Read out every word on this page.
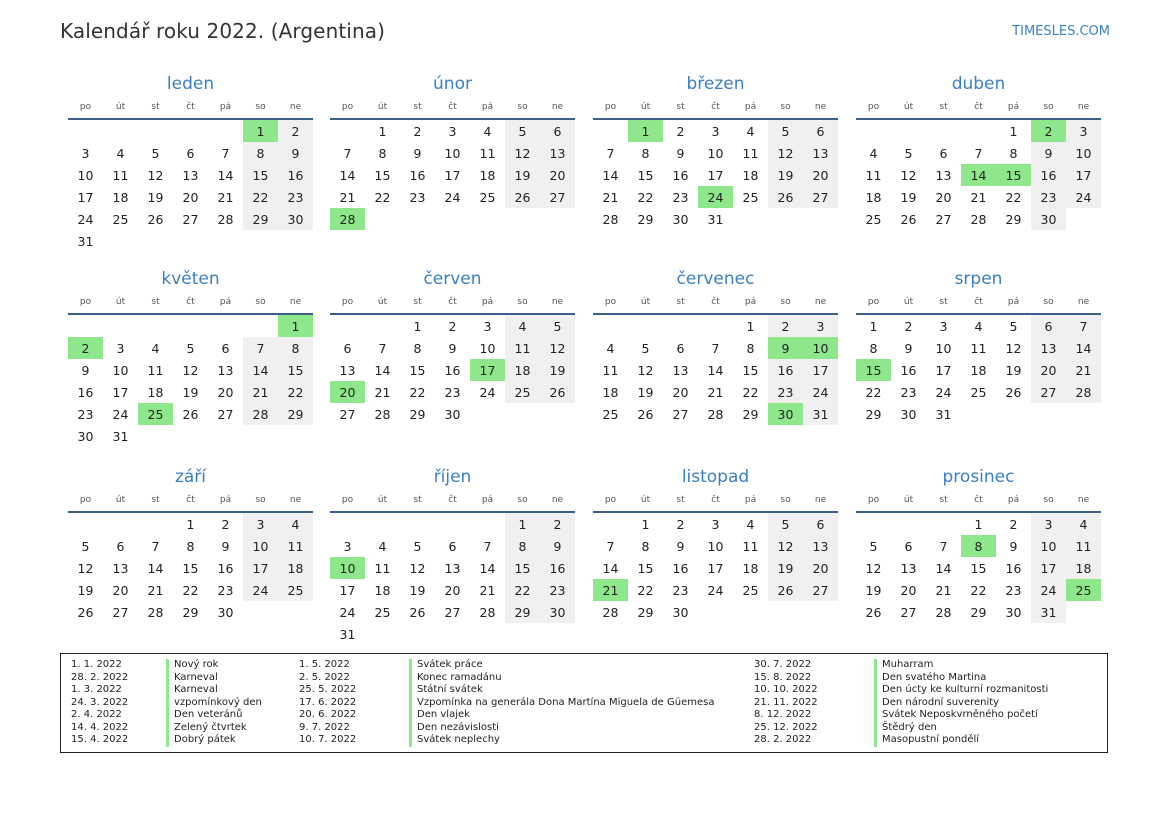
Kalendář roku 2022. (Argentina)	TIMESLES.COM
leden
po	út	st	čt	pá	so	ne
					1	2
3	4	5	6	7	8	9
10	11	12	13	14	15	16
17	18	19	20	21	22	23
24	25	26	27	28	29	30
31						
únor
po	út	st	čt	pá	so	ne
	1	2	3	4	5	6
7	8	9	10	11	12	13
14	15	16	17	18	19	20
21	22	23	24	25	26	27
28						
březen
po	út	st	čt	pá	so	ne
	1	2	3	4	5	6
7	8	9	10	11	12	13
14	15	16	17	18	19	20
21	22	23	24	25	26	27
28	29	30	31			
duben
po	út	st	čt	pá	so	ne
				1	2	3
4	5	6	7	8	9	10
11	12	13	14	15	16	17
18	19	20	21	22	23	24
25	26	27	28	29	30	
květen
po	út	st	čt	pá	so	ne
						1
2	3	4	5	6	7	8
9	10	11	12	13	14	15
16	17	18	19	20	21	22
23	24	25	26	27	28	29
30	31					
červen
po	út	st	čt	pá	so	ne
		1	2	3	4	5
6	7	8	9	10	11	12
13	14	15	16	17	18	19
20	21	22	23	24	25	26
27	28	29	30			
červenec
po	út	st	čt	pá	so	ne
				1	2	3
4	5	6	7	8	9	10
11	12	13	14	15	16	17
18	19	20	21	22	23	24
25	26	27	28	29	30	31
srpen
po	út	st	čt	pá	so	ne
1	2	3	4	5	6	7
8	9	10	11	12	13	14
15	16	17	18	19	20	21
22	23	24	25	26	27	28
29	30	31				
září
po	út	st	čt	pá	so	ne
			1	2	3	4
5	6	7	8	9	10	11
12	13	14	15	16	17	18
19	20	21	22	23	24	25
26	27	28	29	30		
říjen
po	út	st	čt	pá	so	ne
					1	2
3	4	5	6	7	8	9
10	11	12	13	14	15	16
17	18	19	20	21	22	23
24	25	26	27	28	29	30
31						
listopad
po	út	st	čt	pá	so	ne
	1	2	3	4	5	6
7	8	9	10	11	12	13
14	15	16	17	18	19	20
21	22	23	24	25	26	27
28	29	30				
prosinec
po	út	st	čt	pá	so	ne
			1	2	3	4
5	6	7	8	9	10	11
12	13	14	15	16	17	18
19	20	21	22	23	24	25
26	27	28	29	30	31	
1. 1. 2022	Nový rok
28. 2. 2022	Karneval
1. 3. 2022	Karneval
24. 3. 2022	vzpomínkový den
2. 4. 2022	Den veteránů
14. 4. 2022	Zelený čtvrtek
15. 4. 2022	Dobrý pátek
1. 5. 2022	Svátek práce
2. 5. 2022	Konec ramadánu
25. 5. 2022	Státní svátek
17. 6. 2022	Vzpomínka na generála Dona Martína Miguela de Güemesa
20. 6. 2022	Den vlajek
9. 7. 2022	Den nezávislosti
10. 7. 2022	Svátek neplechy
30. 7. 2022	Muharram
15. 8. 2022	Den svatého Martina
10. 10. 2022	Den úcty ke kulturní rozmanitosti
21. 11. 2022	Den národní suverenity
8. 12. 2022	Svátek Neposkvrněného početí
25. 12. 2022	Štědrý den
28. 2. 2022	Masopustní pondělí
